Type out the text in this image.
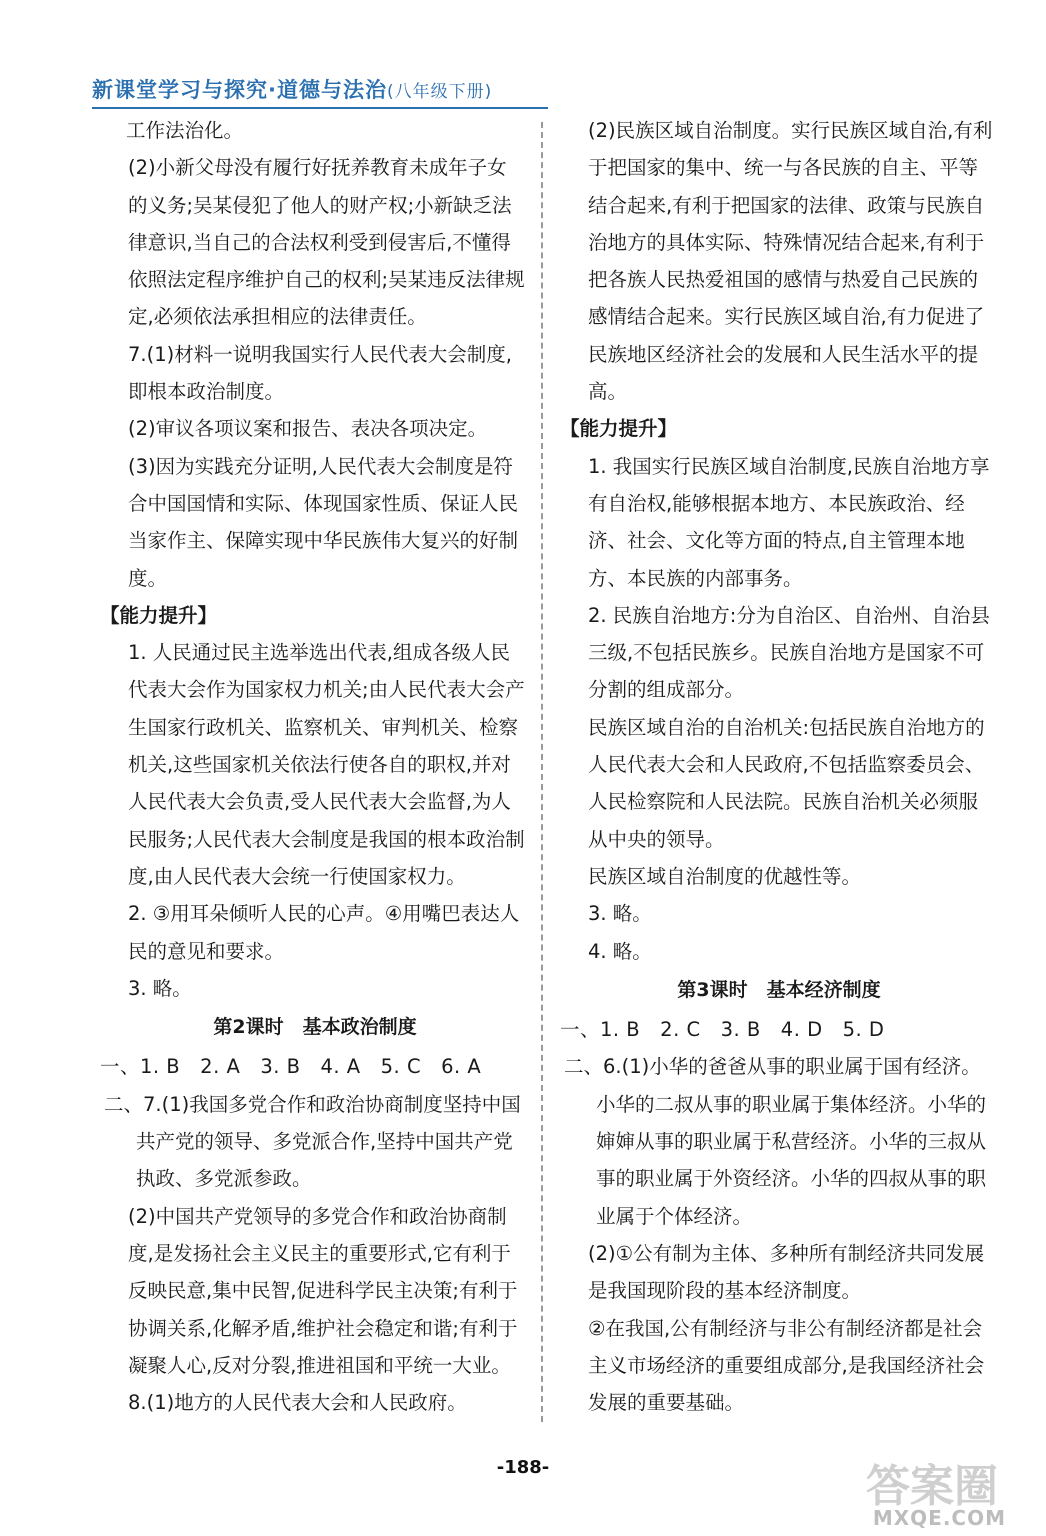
新课堂学习与探究·道德与法治(八年级下册)
工作法治化。
(2)小新父母没有履行好抚养教育未成年子女的义务;吴某侵犯了他人的财产权;小新缺乏法律意识,当自己的合法权利受到侵害后,不懂得依照法定程序维护自己的权利;吴某违反法律规定,必须依法承担相应的法律责任。
7.(1)材料一说明我国实行人民代表大会制度,即根本政治制度。
(2)审议各项议案和报告、表决各项决定。
(3)因为实践充分证明,人民代表大会制度是符合中国国情和实际、体现国家性质、保证人民当家作主、保障实现中华民族伟大复兴的好制度。
【能力提升】
1. 人民通过民主选举选出代表,组成各级人民代表大会作为国家权力机关;由人民代表大会产生国家行政机关、监察机关、审判机关、检察机关,这些国家机关依法行使各自的职权,并对人民代表大会负责,受人民代表大会监督,为人民服务;人民代表大会制度是我国的根本政治制度,由人民代表大会统一行使国家权力。
2. ③用耳朵倾听人民的心声。④用嘴巴表达人民的意见和要求。
3. 略。
第2课时　基本政治制度
一、1. B　2. A　3. B　4. A　5. C　6. A
二、7.(1)我国多党合作和政治协商制度坚持中国共产党的领导、多党派合作,坚持中国共产党执政、多党派参政。
(2)中国共产党领导的多党合作和政治协商制度,是发扬社会主义民主的重要形式,它有利于反映民意,集中民智,促进科学民主决策;有利于协调关系,化解矛盾,维护社会稳定和谐;有利于凝聚人心,反对分裂,推进祖国和平统一大业。
8.(1)地方的人民代表大会和人民政府。
(2)民族区域自治制度。实行民族区域自治,有利于把国家的集中、统一与各民族的自主、平等结合起来,有利于把国家的法律、政策与民族自治地方的具体实际、特殊情况结合起来,有利于把各族人民热爱祖国的感情与热爱自己民族的感情结合起来。实行民族区域自治,有力促进了民族地区经济社会的发展和人民生活水平的提高。
【能力提升】
1. 我国实行民族区域自治制度,民族自治地方享有自治权,能够根据本地方、本民族政治、经济、社会、文化等方面的特点,自主管理本地方、本民族的内部事务。
2. 民族自治地方:分为自治区、自治州、自治县三级,不包括民族乡。民族自治地方是国家不可分割的组成部分。
民族区域自治的自治机关:包括民族自治地方的人民代表大会和人民政府,不包括监察委员会、人民检察院和人民法院。民族自治机关必须服从中央的领导。
民族区域自治制度的优越性等。
3. 略。
4. 略。
第3课时　基本经济制度
一、1. B　2. C　3. B　4. D　5. D
二、6.(1)小华的爸爸从事的职业属于国有经济。小华的二叔从事的职业属于集体经济。小华的婶婶从事的职业属于私营经济。小华的三叔从事的职业属于外资经济。小华的四叔从事的职业属于个体经济。
(2)①公有制为主体、多种所有制经济共同发展是我国现阶段的基本经济制度。
②在我国,公有制经济与非公有制经济都是社会主义市场经济的重要组成部分,是我国经济社会发展的重要基础。
-188-	答案圈
MXQE.COM
